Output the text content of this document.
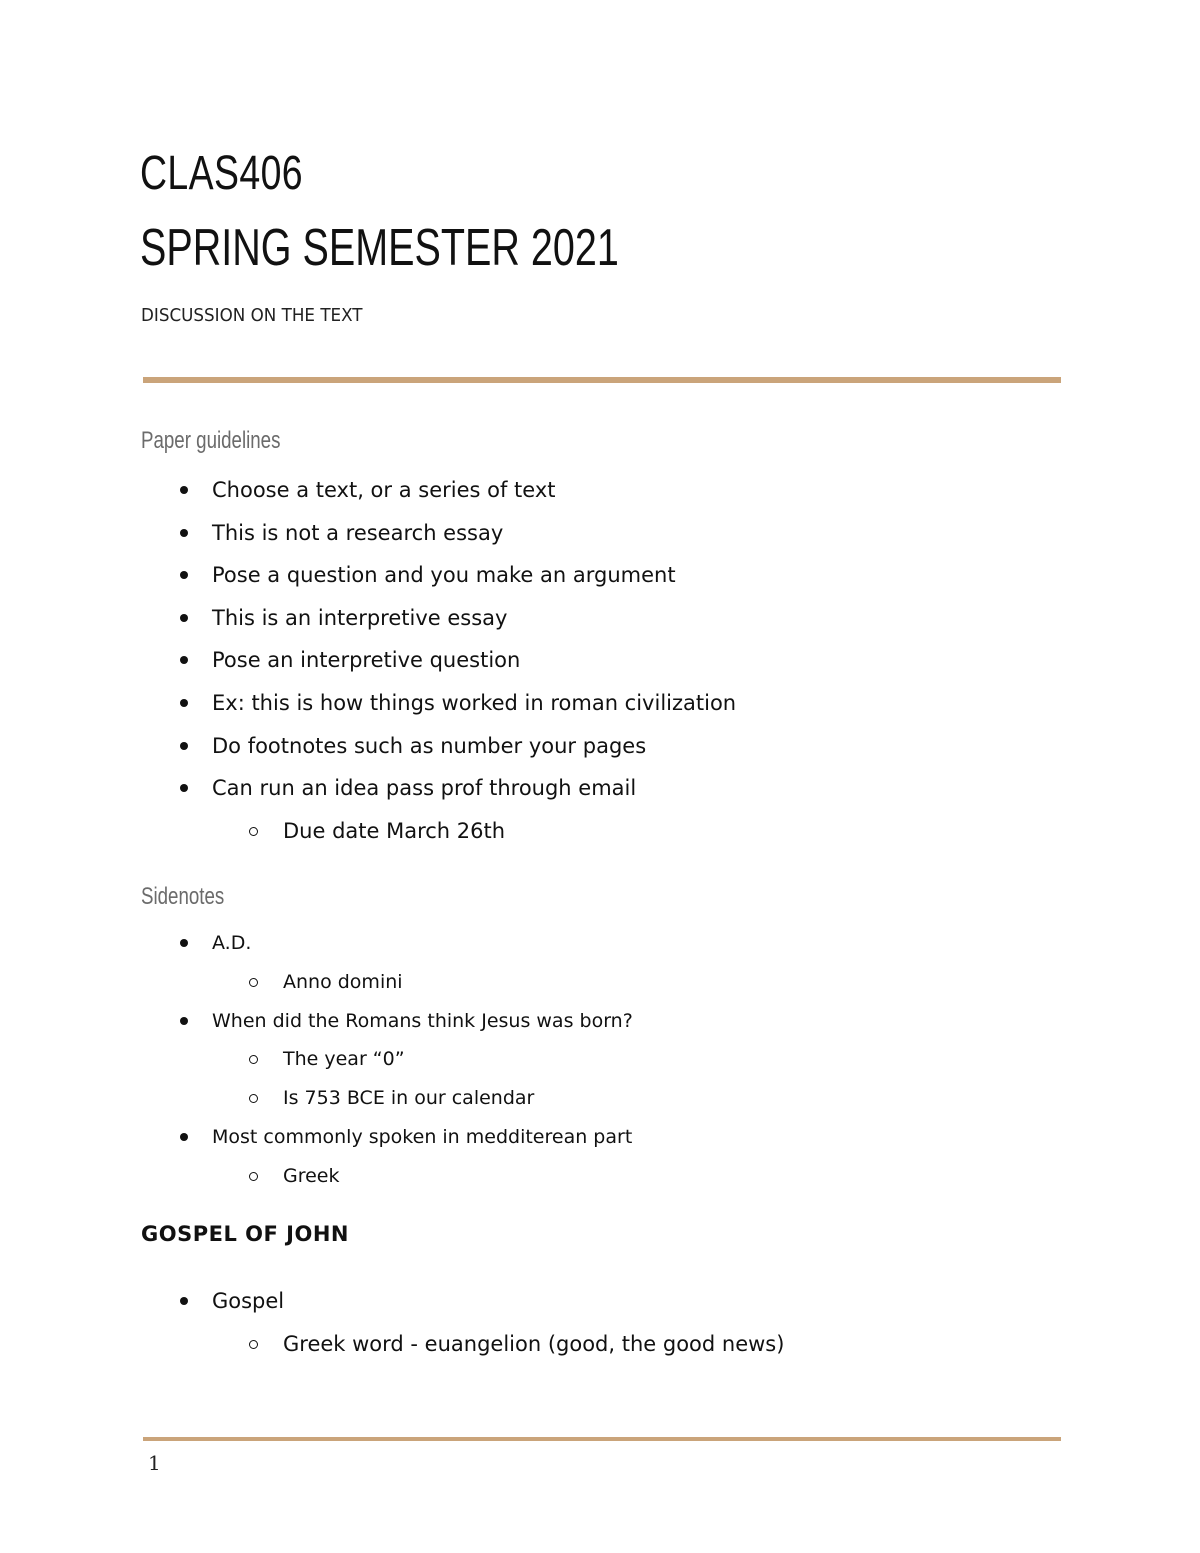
CLAS406
SPRING SEMESTER 2021
DISCUSSION ON THE TEXT
Paper guidelines
Choose a text, or a series of text
This is not a research essay
Pose a question and you make an argument
This is an interpretive essay
Pose an interpretive question
Ex: this is how things worked in roman civilization
Do footnotes such as number your pages
Can run an idea pass prof through email
Due date March 26th
Sidenotes
A.D.
Anno domini
When did the Romans think Jesus was born?
The year “0”
Is 753 BCE in our calendar
Most commonly spoken in medditerean part
Greek
GOSPEL OF JOHN
Gospel
Greek word - euangelion (good, the good news)
1
